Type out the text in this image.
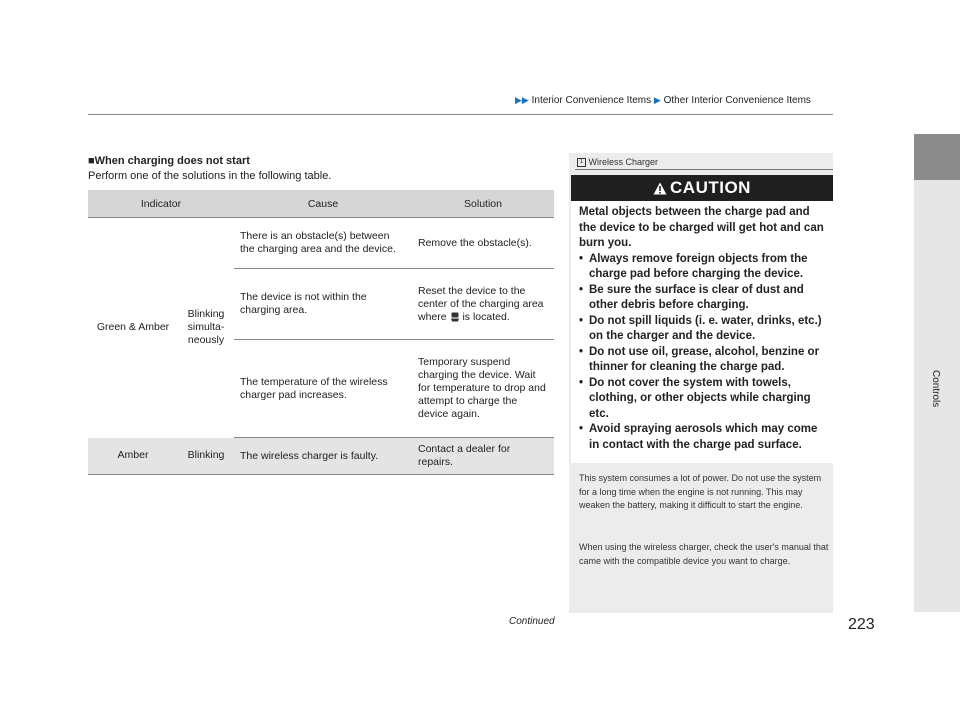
▶▶ Interior Convenience Items ▶ Other Interior Convenience Items
Controls
■When charging does not start
Perform one of the solutions in the following table.
Indicator		Cause	Solution
Green & Amber	Blinking simulta-neously	There is an obstacle(s) between the charging area and the device.	Remove the obstacle(s).
		The device is not within the charging area.	Reset the device to the center of the charging area where is located.
		The temperature of the wireless charger pad increases.	Temporary suspend charging the device. Wait for temperature to drop and attempt to charge the device again.
Amber	Blinking	The wireless charger is faulty.	Contact a dealer for repairs.
1 Wireless Charger
CAUTION
Metal objects between the charge pad and the device to be charged will get hot and can burn you.
• Always remove foreign objects from the charge pad before charging the device.
• Be sure the surface is clear of dust and other debris before charging.
• Do not spill liquids (i. e. water, drinks, etc.) on the charger and the device.
• Do not use oil, grease, alcohol, benzine or thinner for cleaning the charge pad.
• Do not cover the system with towels, clothing, or other objects while charging etc.
• Avoid spraying aerosols which may come in contact with the charge pad surface.
This system consumes a lot of power. Do not use the system for a long time when the engine is not running. This may weaken the battery, making it difficult to start the engine.
When using the wireless charger, check the user's manual that came with the compatible device you want to charge.
Continued	223
